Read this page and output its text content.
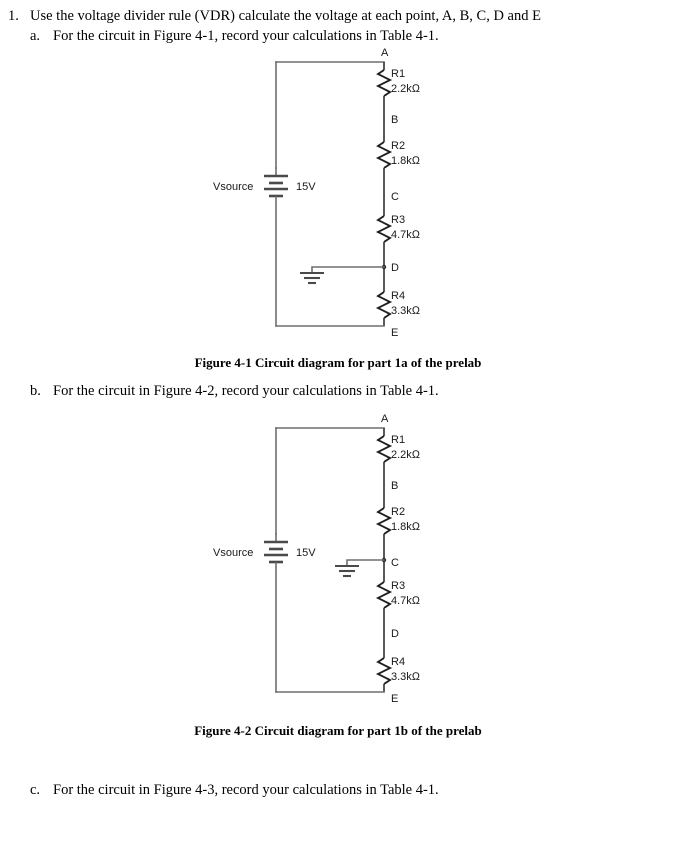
1. Use the voltage divider rule (VDR) calculate the voltage at each point, A, B, C, D and E
a. For the circuit in Figure 4-1, record your calculations in Table 4-1.
A
R1
2.2kΩ
B
R2
1.8kΩ
C
Vsource	15V
R3
4.7kΩ
D
R4
3.3kΩ
E
Figure 4-1 Circuit diagram for part 1a of the prelab
b. For the circuit in Figure 4-2, record your calculations in Table 4-1.
A
R1
2.2kΩ
B
R2
1.8kΩ
Vsource	15V
C
R3
4.7kΩ
D
R4
3.3kΩ
E
Figure 4-2 Circuit diagram for part 1b of the prelab
c. For the circuit in Figure 4-3, record your calculations in Table 4-1.
